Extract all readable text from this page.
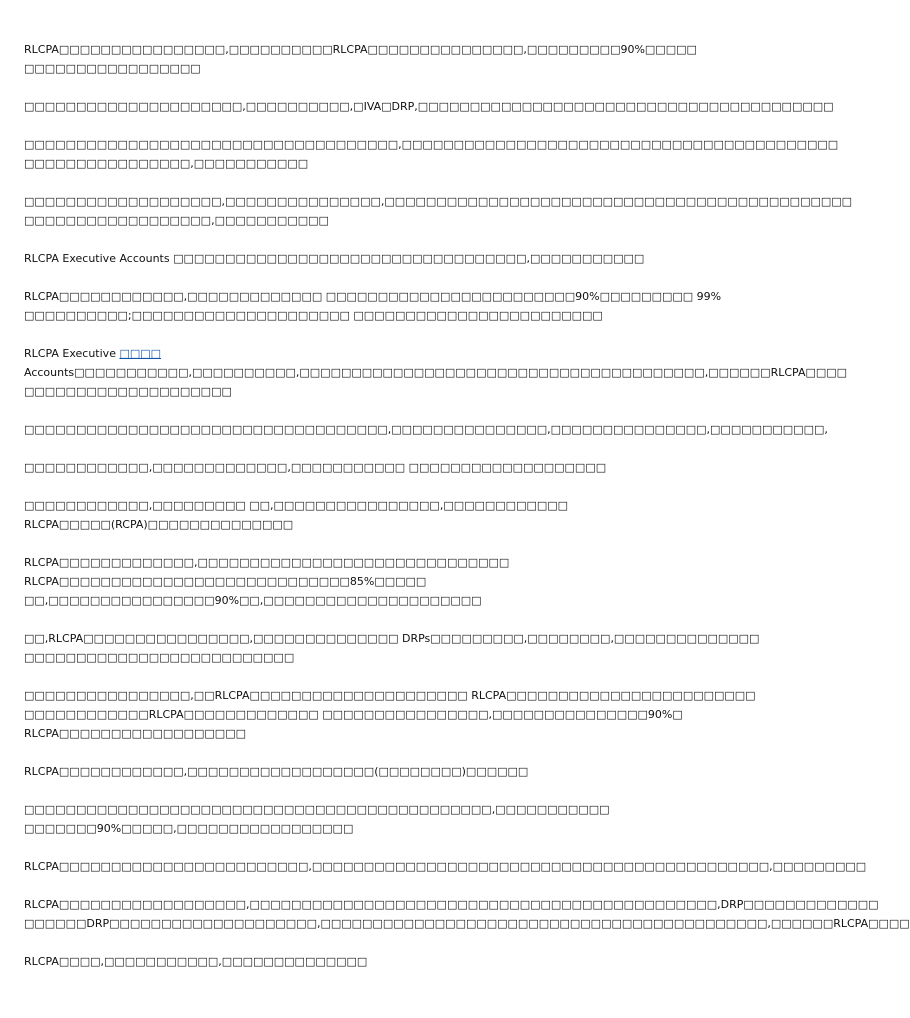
RLCPA□□□□□□□□□□□□□□□□,□□□□□□□□□□RLCPA□□□□□□□□□□□□□□□,□□□□□□□□□90%□□□□□
□□□□□□□□□□□□□□□□□
□□□□□□□□□□□□□□□□□□□□□,□□□□□□□□□□,□IVA□DRP,□□□□□□□□□□□□□□□□□□□□□□□□□□□□□□□□□□□□□□□□
□□□□□□□□□□□□□□□□□□□□□□□□□□□□□□□□□□□□,□□□□□□□□□□□□□□□□□□□□□□□□□□□□□□□□□□□□□□□□□□
□□□□□□□□□□□□□□□□,□□□□□□□□□□□
□□□□□□□□□□□□□□□□□□□,□□□□□□□□□□□□□□□,□□□□□□□□□□□□□□□□□□□□□□□□□□□□□□□□□□□□□□□□□□□□□
□□□□□□□□□□□□□□□□□□,□□□□□□□□□□□
RLCPA Executive Accounts □□□□□□□□□□□□□□□□□□□□□□□□□□□□□□□□□□,□□□□□□□□□□□
RLCPA□□□□□□□□□□□□,□□□□□□□□□□□□□ □□□□□□□□□□□□□□□□□□□□□□□□90%□□□□□□□□□ 99%
□□□□□□□□□□;□□□□□□□□□□□□□□□□□□□□□ □□□□□□□□□□□□□□□□□□□□□□□□
RLCPA Executive □□□□
Accounts□□□□□□□□□□□,□□□□□□□□□□,□□□□□□□□□□□□□□□□□□□□□□□□□□□□□□□□□□□□□□□,□□□□□□RLCPA□□□□
□□□□□□□□□□□□□□□□□□□□
□□□□□□□□□□□□□□□□□□□□□□□□□□□□□□□□□□□,□□□□□□□□□□□□□□□,□□□□□□□□□□□□□□□,□□□□□□□□□□□,
□□□□□□□□□□□□,□□□□□□□□□□□□□,□□□□□□□□□□□ □□□□□□□□□□□□□□□□□□□
□□□□□□□□□□□□,□□□□□□□□□ □□,□□□□□□□□□□□□□□□□,□□□□□□□□□□□□
RLCPA□□□□□(RCPA)□□□□□□□□□□□□□□
RLCPA□□□□□□□□□□□□□,□□□□□□□□□□□□□□□□□□□□□□□□□□□□□□
RLCPA□□□□□□□□□□□□□□□□□□□□□□□□□□□□85%□□□□□
□□,□□□□□□□□□□□□□□□□90%□□,□□□□□□□□□□□□□□□□□□□□□
□□,RLCPA□□□□□□□□□□□□□□□□,□□□□□□□□□□□□□□ DRPs□□□□□□□□□,□□□□□□□□,□□□□□□□□□□□□□□
□□□□□□□□□□□□□□□□□□□□□□□□□□
□□□□□□□□□□□□□□□□,□□RLCPA□□□□□□□□□□□□□□□□□□□□□ RLCPA□□□□□□□□□□□□□□□□□□□□□□□□
□□□□□□□□□□□□RLCPA□□□□□□□□□□□□□ □□□□□□□□□□□□□□□□,□□□□□□□□□□□□□□□90%□
RLCPA□□□□□□□□□□□□□□□□□□
RLCPA□□□□□□□□□□□□,□□□□□□□□□□□□□□□□□□(□□□□□□□□)□□□□□□
□□□□□□□□□□□□□□□□□□□□□□□□□□□□□□□□□□□□□□□□□□□□□,□□□□□□□□□□□
□□□□□□□90%□□□□□,□□□□□□□□□□□□□□□□□
RLCPA□□□□□□□□□□□□□□□□□□□□□□□□,□□□□□□□□□□□□□□□□□□□□□□□□□□□□□□□□□□□□□□□□□□□□,□□□□□□□□□
RLCPA□□□□□□□□□□□□□□□□□□,□□□□□□□□□□□□□□□□□□□□□□□□□□□□□□□□□□□□□□□□□□□□□,DRP□□□□□□□□□□□□□
□□□□□□DRP□□□□□□□□□□□□□□□□□□□□,□□□□□□□□□□□□□□□□□□□□□□□□□□□□□□□□□□□□□□□□□□□,□□□□□□RLCPA□□□□
RLCPA□□□□,□□□□□□□□□□□,□□□□□□□□□□□□□□
